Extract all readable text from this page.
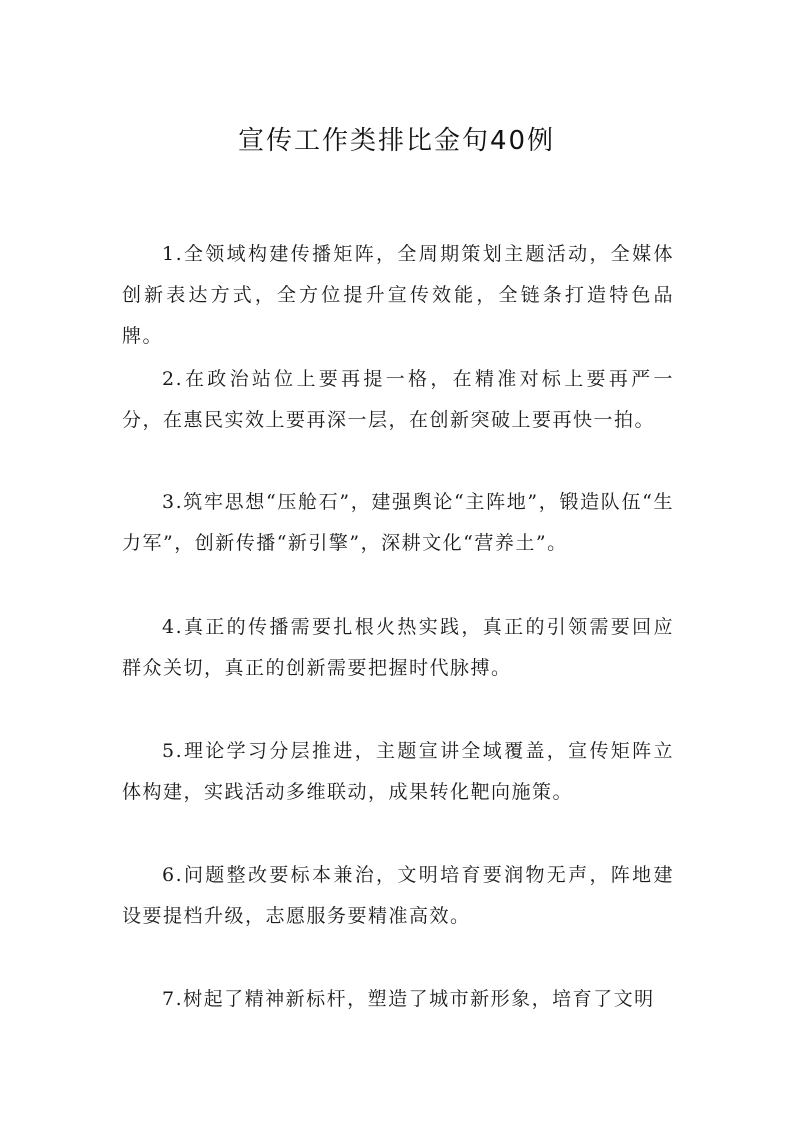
宣传工作类排比金句40例

1.全领域构建传播矩阵，全周期策划主题活动，全媒体创新表达方式，全方位提升宣传效能，全链条打造特色品牌。

2.在政治站位上要再提一格，在精准对标上要再严一分，在惠民实效上要再深一层，在创新突破上要再快一拍。

3.筑牢思想“压舱石”，建强舆论“主阵地”，锻造队伍“生力军”，创新传播“新引擎”，深耕文化“营养土”。

4.真正的传播需要扎根火热实践，真正的引领需要回应群众关切，真正的创新需要把握时代脉搏。

5.理论学习分层推进，主题宣讲全域覆盖，宣传矩阵立体构建，实践活动多维联动，成果转化靶向施策。

6.问题整改要标本兼治，文明培育要润物无声，阵地建设要提档升级，志愿服务要精准高效。

7.树起了精神新标杆，塑造了城市新形象，培育了文明
